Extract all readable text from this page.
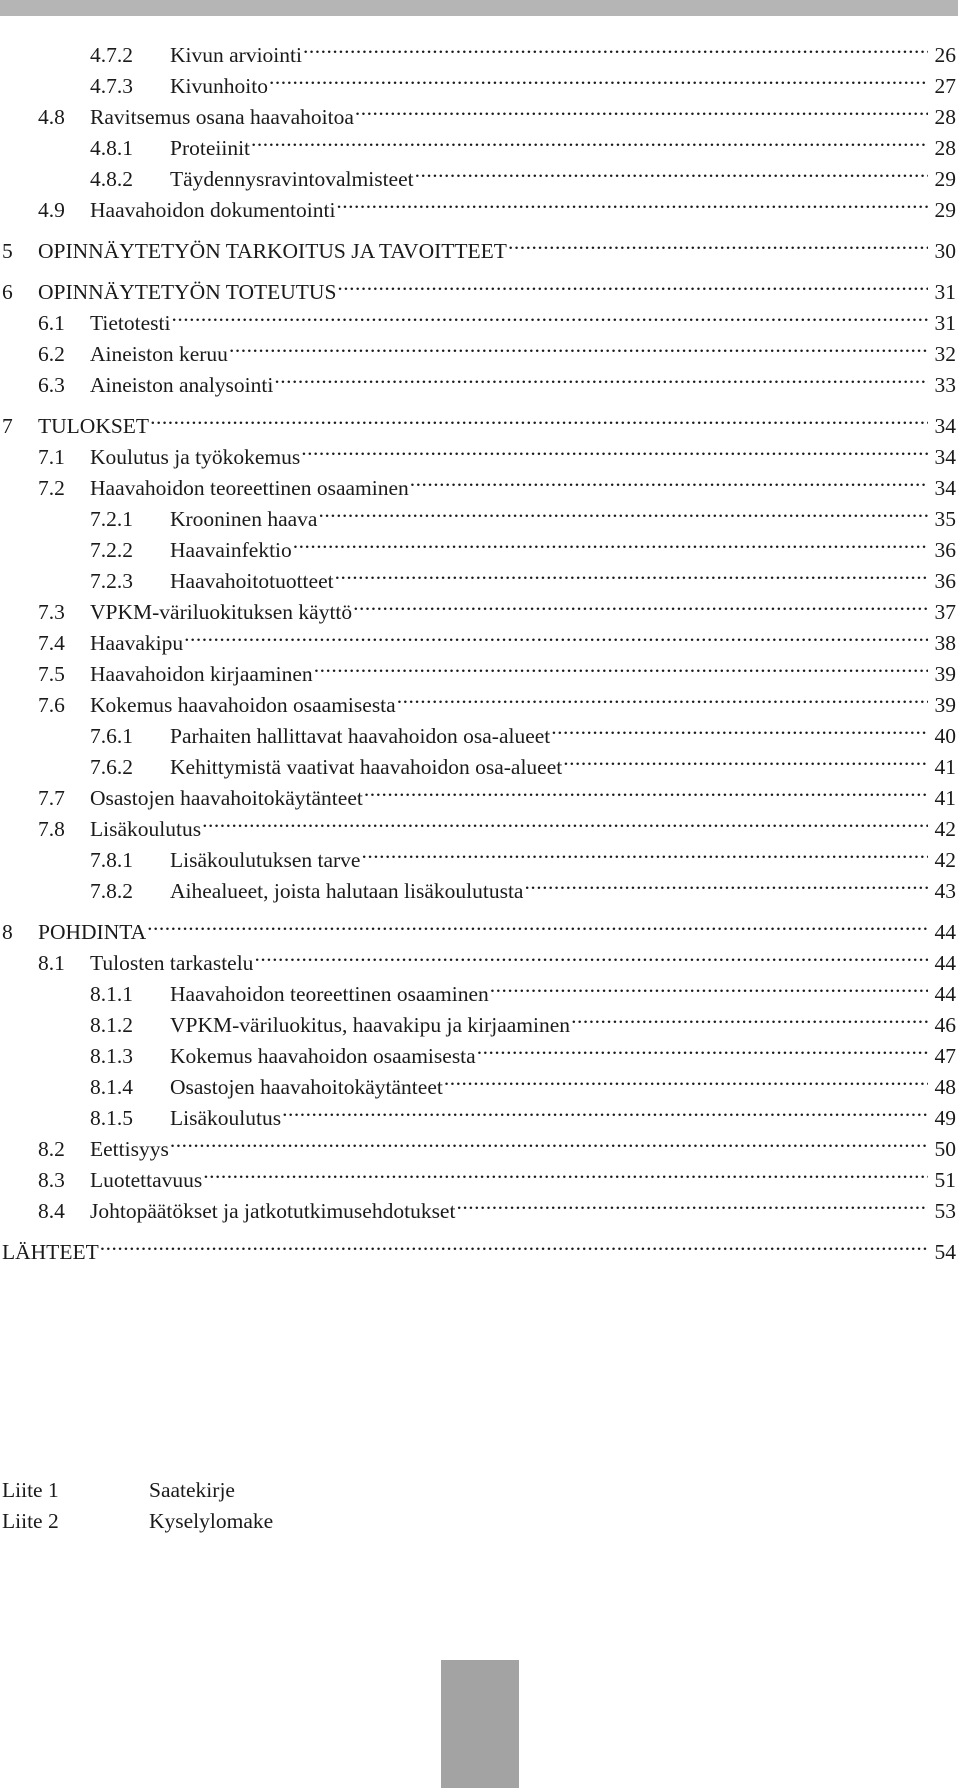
4.7.2	Kivun arviointi .....	26
4.7.3	Kivunhoito .....	27
4.8	Ravitsemus osana haavahoitoa .....	28
4.8.1	Proteiinit .....	28
4.8.2	Täydennysravintovalmisteet .....	29
4.9	Haavahoidon dokumentointi .....	29
5	OPINNÄYTETYÖN TARKOITUS JA TAVOITTEET .....	30
6	OPINNÄYTETYÖN TOTEUTUS .....	31
6.1	Tietotesti .....	31
6.2	Aineiston keruu .....	32
6.3	Aineiston analysointi .....	33
7	TULOKSET .....	34
7.1	Koulutus ja työkokemus .....	34
7.2	Haavahoidon teoreettinen osaaminen .....	34
7.2.1	Krooninen haava .....	35
7.2.2	Haavainfektio .....	36
7.2.3	Haavahoitotuotteet .....	36
7.3	VPKM-väriluokituksen käyttö .....	37
7.4	Haavakipu .....	38
7.5	Haavahoidon kirjaaminen .....	39
7.6	Kokemus haavahoidon osaamisesta .....	39
7.6.1	Parhaiten hallittavat haavahoidon osa-alueet .....	40
7.6.2	Kehittymistä vaativat haavahoidon osa-alueet .....	41
7.7	Osastojen haavahoitokäytänteet .....	41
7.8	Lisäkoulutus .....	42
7.8.1	Lisäkoulutuksen tarve .....	42
7.8.2	Aihealueet, joista halutaan lisäkoulutusta .....	43
8	POHDINTA .....	44
8.1	Tulosten tarkastelu .....	44
8.1.1	Haavahoidon teoreettinen osaaminen .....	44
8.1.2	VPKM-väriluokitus, haavakipu ja kirjaaminen .....	46
8.1.3	Kokemus haavahoidon osaamisesta .....	47
8.1.4	Osastojen haavahoitokäytänteet .....	48
8.1.5	Lisäkoulutus .....	49
8.2	Eettisyys .....	50
8.3	Luotettavuus .....	51
8.4	Johtopäätökset ja jatkotutkimusehdotukset .....	53
LÄHTEET .....	54
Liite 1	Saatekirje
Liite 2	Kyselylomake
